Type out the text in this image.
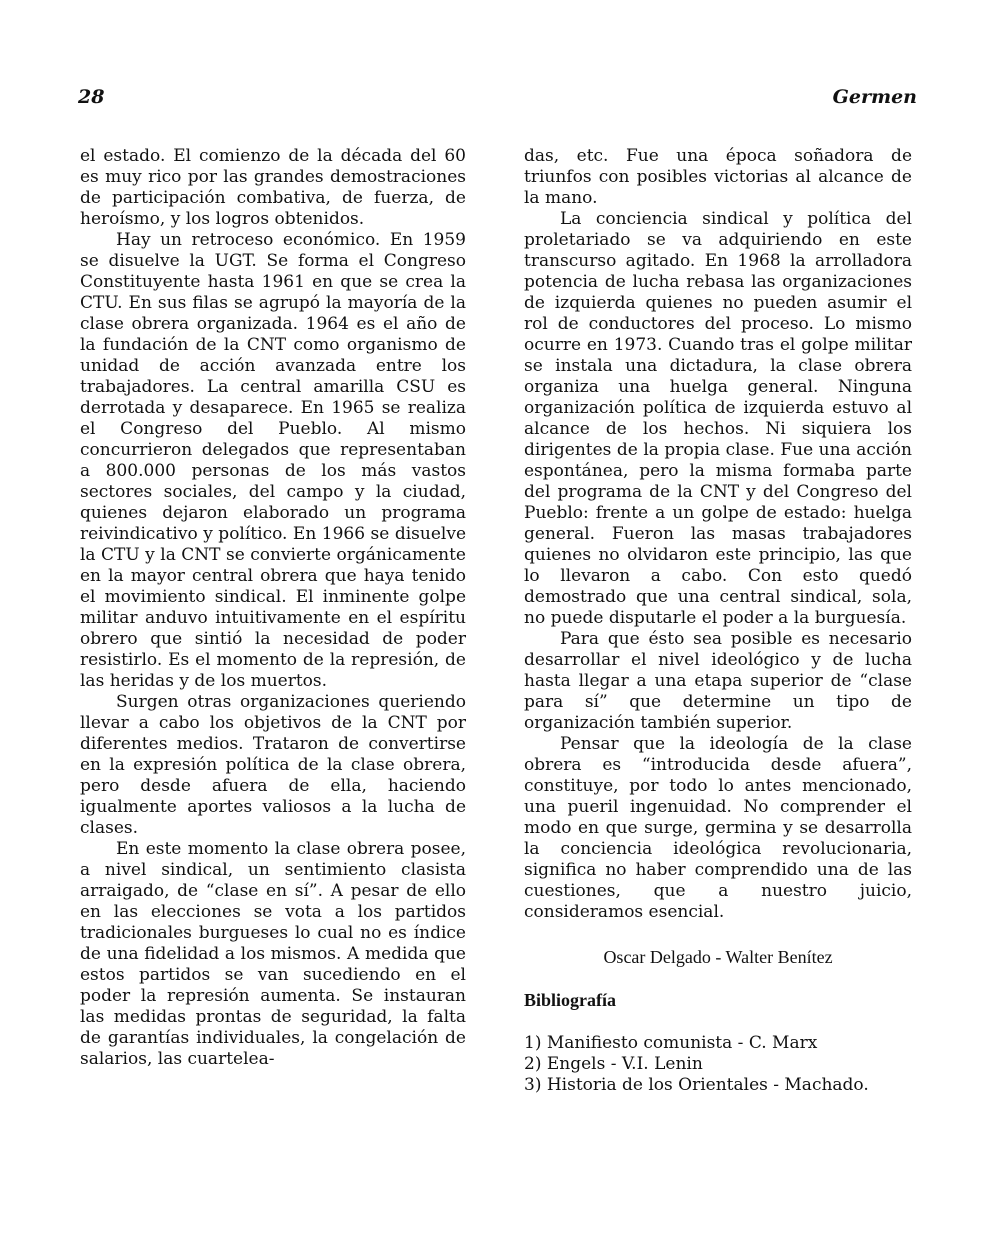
28	Germen

el estado. El comienzo de la década del 60 es muy rico por las grandes demostraciones de participación combativa, de fuerza, de heroísmo, y los logros obtenidos.

Hay un retroceso económico. En 1959 se disuelve la UGT. Se forma el Congreso Constituyente hasta 1961 en que se crea la CTU. En sus filas se agrupó la mayoría de la clase obrera organizada. 1964 es el año de la fundación de la CNT como organismo de unidad de acción avanzada entre los trabajadores. La central amarilla CSU es derrotada y desaparece. En 1965 se realiza el Congreso del Pueblo. Al mismo concurrieron delegados que representaban a 800.000 personas de los más vastos sectores sociales, del campo y la ciudad, quienes dejaron elaborado un programa reivindicativo y político. En 1966 se disuelve la CTU y la CNT se convierte orgánicamente en la mayor central obrera que haya tenido el movimiento sindical. El inminente golpe militar anduvo intuitivamente en el espíritu obrero que sintió la necesidad de poder resistirlo. Es el momento de la represión, de las heridas y de los muertos.

Surgen otras organizaciones queriendo llevar a cabo los objetivos de la CNT por diferentes medios. Trataron de convertirse en la expresión política de la clase obrera, pero desde afuera de ella, haciendo igualmente aportes valiosos a la lucha de clases.

En este momento la clase obrera posee, a nivel sindical, un sentimiento clasista arraigado, de “clase en sí”. A pesar de ello en las elecciones se vota a los partidos tradicionales burgueses lo cual no es índice de una fidelidad a los mismos. A medida que estos partidos se van sucediendo en el poder la represión aumenta. Se instauran las medidas prontas de seguridad, la falta de garantías individuales, la congelación de salarios, las cuartelea-

das, etc. Fue una época soñadora de triunfos con posibles victorias al alcance de la mano.

La conciencia sindical y política del proletariado se va adquiriendo en este transcurso agitado. En 1968 la arrolladora potencia de lucha rebasa las organizaciones de izquierda quienes no pueden asumir el rol de conductores del proceso. Lo mismo ocurre en 1973. Cuando tras el golpe militar se instala una dictadura, la clase obrera organiza una huelga general. Ninguna organización política de izquierda estuvo al alcance de los hechos. Ni siquiera los dirigentes de la propia clase. Fue una acción espontánea, pero la misma formaba parte del programa de la CNT y del Congreso del Pueblo: frente a un golpe de estado: huelga general. Fueron las masas trabajadores quienes no olvidaron este principio, las que lo llevaron a cabo. Con esto quedó demostrado que una central sindical, sola, no puede disputarle el poder a la burguesía.

Para que ésto sea posible es necesario desarrollar el nivel ideológico y de lucha hasta llegar a una etapa superior de “clase para sí” que determine un tipo de organización también superior.

Pensar que la ideología de la clase obrera es “introducida desde afuera”, constituye, por todo lo antes mencionado, una pueril ingenuidad. No comprender el modo en que surge, germina y se desarrolla la conciencia ideológica revolucionaria, significa no haber comprendido una de las cuestiones, que a nuestro juicio, consideramos esencial.

Oscar Delgado - Walter Benítez
Bibliografía
1) Manifiesto comunista - C. Marx
2) Engels - V.I. Lenin
3) Historia de los Orientales - Machado.
